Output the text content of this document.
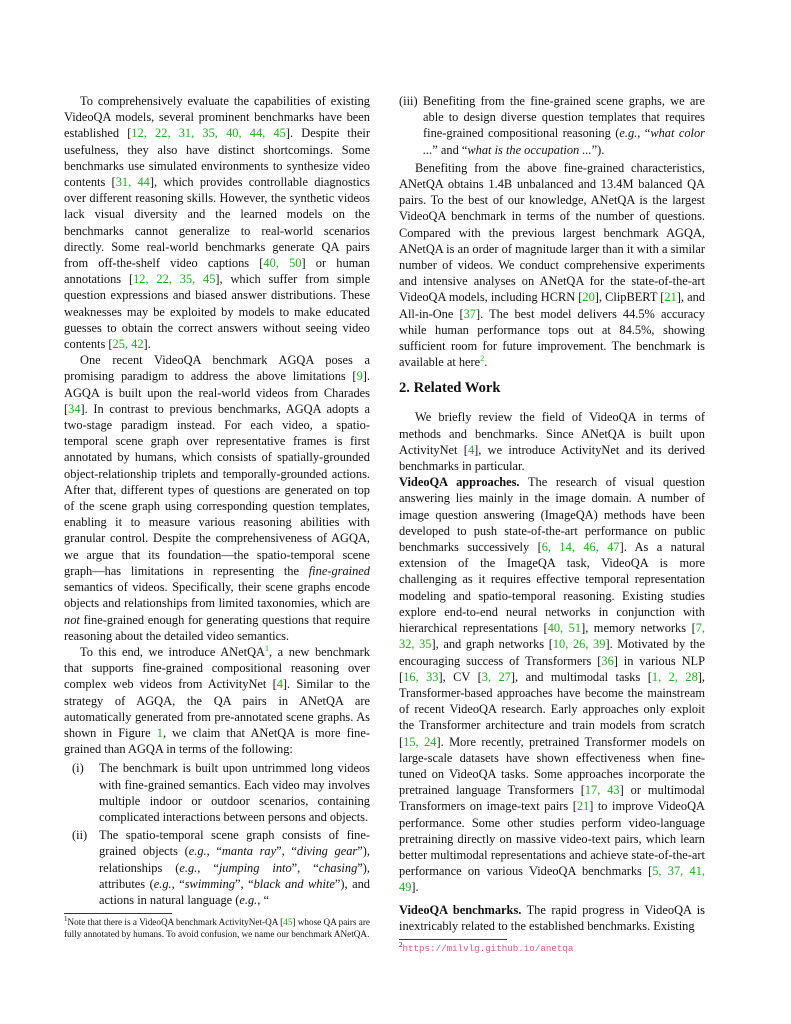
To comprehensively evaluate the capabilities of existing VideoQA models, several prominent benchmarks have been established [12, 22, 31, 35, 40, 44, 45]. Despite their usefulness, they also have distinct shortcomings. Some benchmarks use simulated environments to synthesize video contents [31, 44], which provides controllable diagnostics over different reasoning skills. However, the synthetic videos lack visual diversity and the learned models on the benchmarks cannot generalize to real-world scenarios directly. Some real-world benchmarks generate QA pairs from off-the-shelf video captions [40, 50] or human annotations [12, 22, 35, 45], which suffer from simple question expressions and biased answer distributions. These weaknesses may be exploited by models to make educated guesses to obtain the correct answers without seeing video contents [25, 42].

One recent VideoQA benchmark AGQA poses a promising paradigm to address the above limitations [9]. AGQA is built upon the real-world videos from Charades [34]. In contrast to previous benchmarks, AGQA adopts a two-stage paradigm instead. For each video, a spatio-temporal scene graph over representative frames is first annotated by humans, which consists of spatially-grounded object-relationship triplets and temporally-grounded actions. After that, different types of questions are generated on top of the scene graph using corresponding question templates, enabling it to measure various reasoning abilities with granular control. Despite the comprehensiveness of AGQA, we argue that its foundation—the spatio-temporal scene graph—has limitations in representing the fine-grained semantics of videos. Specifically, their scene graphs encode objects and relationships from limited taxonomies, which are not fine-grained enough for generating questions that require reasoning about the detailed video semantics.

To this end, we introduce ANetQA$^1$, a new benchmark that supports fine-grained compositional reasoning over complex web videos from ActivityNet [4]. Similar to the strategy of AGQA, the QA pairs in ANetQA are automatically generated from pre-annotated scene graphs. As shown in Figure 1, we claim that ANetQA is more fine-grained than AGQA in terms of the following:

(i) The benchmark is built upon untrimmed long videos with fine-grained semantics. Each video may involves multiple indoor or outdoor scenarios, containing complicated interactions between persons and objects.
(ii) The spatio-temporal scene graph consists of fine-grained objects (e.g., “manta ray”, “diving gear”), relationships (e.g., “jumping into”, “chasing”), attributes (e.g., “swimming”, “black and white”), and actions in natural language (e.g., “

$^1$Note that there is a VideoQA benchmark ActivityNet-QA [45] whose QA pairs are fully annotated by humans. To avoid confusion, we name our benchmark ANetQA.

(iii) Benefiting from the fine-grained scene graphs, we are able to design diverse question templates that requires fine-grained compositional reasoning (e.g., “what color ...” and “what is the occupation ...”).

Benefiting from the above fine-grained characteristics, ANetQA obtains 1.4B unbalanced and 13.4M balanced QA pairs. To the best of our knowledge, ANetQA is the largest VideoQA benchmark in terms of the number of questions. Compared with the previous largest benchmark AGQA, ANetQA is an order of magnitude larger than it with a similar number of videos. We conduct comprehensive experiments and intensive analyses on ANetQA for the state-of-the-art VideoQA models, including HCRN [20], ClipBERT [21], and All-in-One [37]. The best model delivers 44.5% accuracy while human performance tops out at 84.5%, showing sufficient room for future improvement. The benchmark is available at here$^2$.

2. Related Work

We briefly review the field of VideoQA in terms of methods and benchmarks. Since ANetQA is built upon ActivityNet [4], we introduce ActivityNet and its derived benchmarks in particular.

VideoQA approaches. The research of visual question answering lies mainly in the image domain. A number of image question answering (ImageQA) methods have been developed to push state-of-the-art performance on public benchmarks successively [6, 14, 46, 47]. As a natural extension of the ImageQA task, VideoQA is more challenging as it requires effective temporal representation modeling and spatio-temporal reasoning. Existing studies explore end-to-end neural networks in conjunction with hierarchical representations [40, 51], memory networks [7, 32, 35], and graph networks [10, 26, 39]. Motivated by the encouraging success of Transformers [36] in various NLP [16, 33], CV [3, 27], and multimodal tasks [1, 2, 28], Transformer-based approaches have become the mainstream of recent VideoQA research. Early approaches only exploit the Transformer architecture and train models from scratch [15, 24]. More recently, pretrained Transformer models on large-scale datasets have shown effectiveness when fine-tuned on VideoQA tasks. Some approaches incorporate the pretrained language Transformers [17, 43] or multimodal Transformers on image-text pairs [21] to improve VideoQA performance. Some other studies perform video-language pretraining directly on massive video-text pairs, which learn better multimodal representations and achieve state-of-the-art performance on various VideoQA benchmarks [5, 37, 41, 49].

VideoQA benchmarks. The rapid progress in VideoQA is inextricably related to the established benchmarks. Existing

$^2$https://milvlg.github.io/anetqa
